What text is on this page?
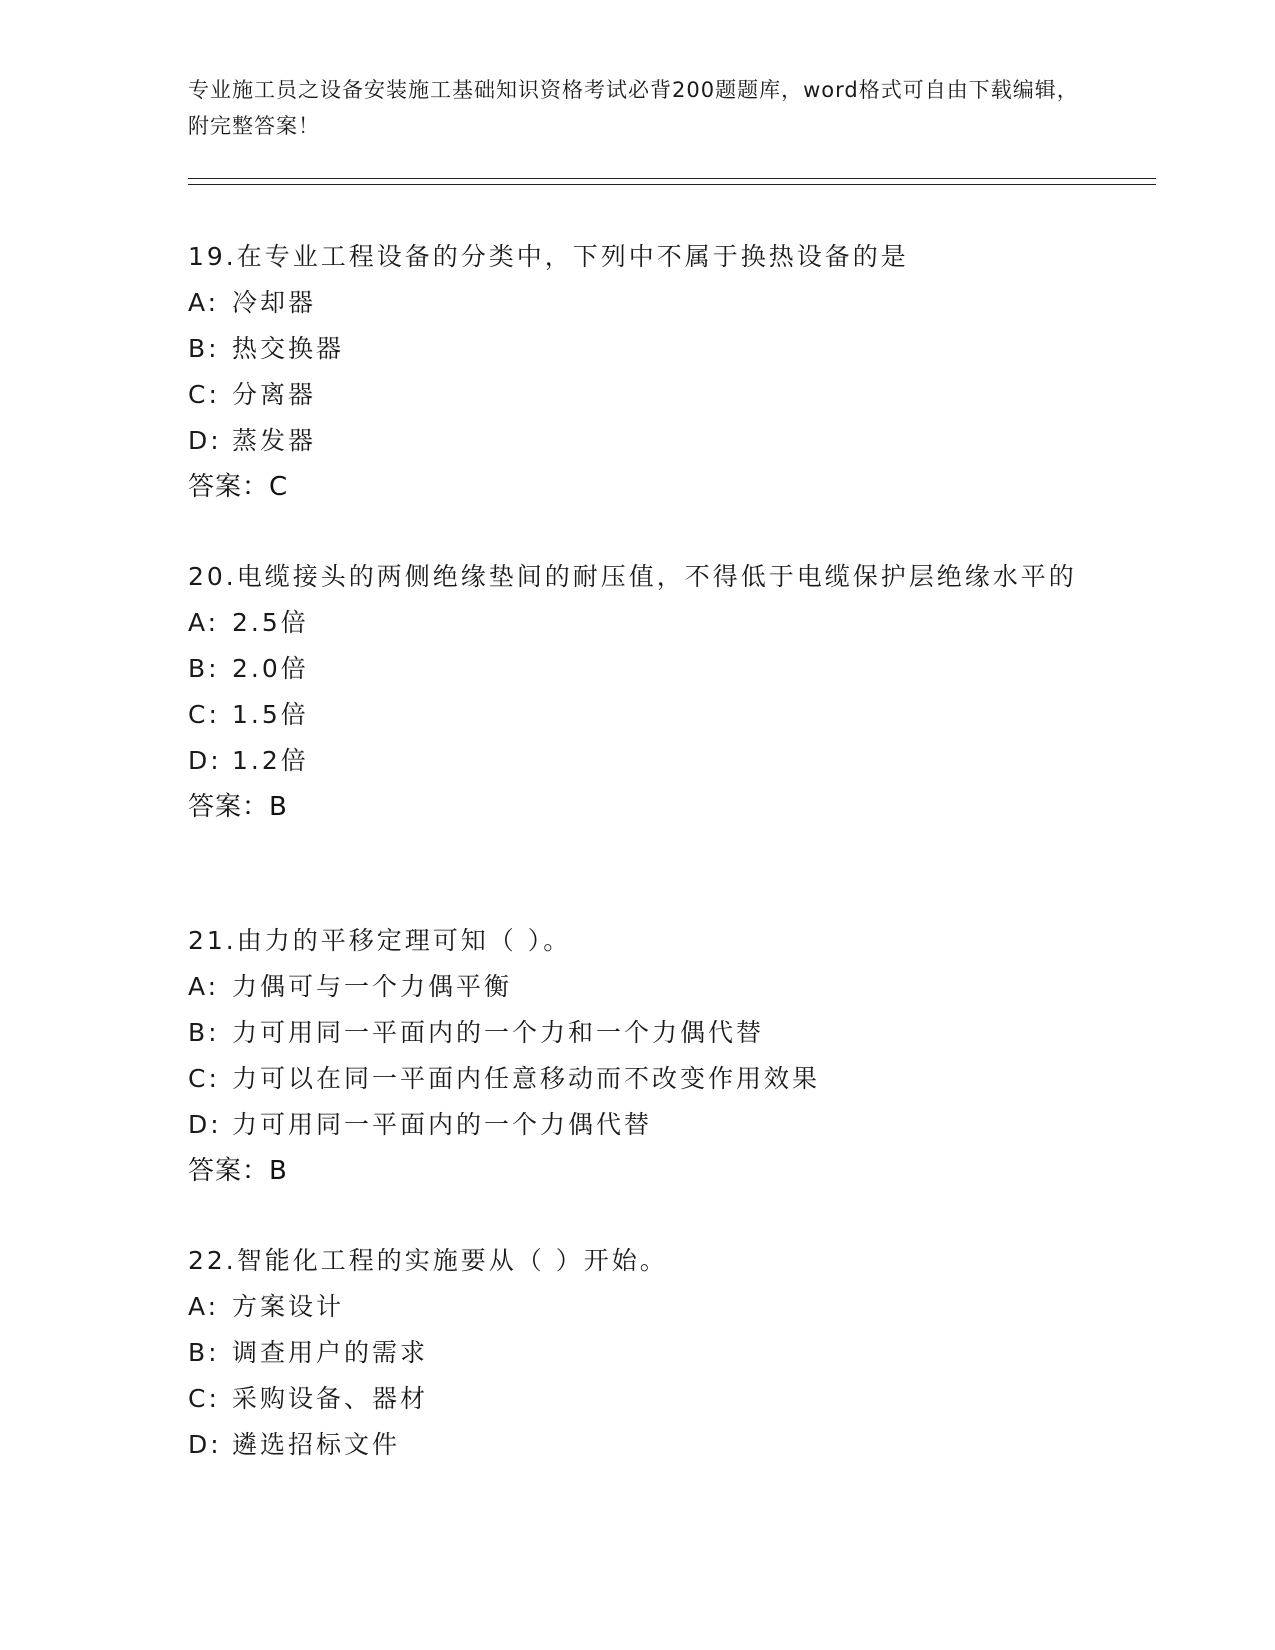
专业施工员之设备安装施工基础知识资格考试必背200题题库，word格式可自由下载编辑，附完整答案！

19.在专业工程设备的分类中，下列中不属于换热设备的是

A: 冷却器

B: 热交换器

C: 分离器

D: 蒸发器

答案：C

20.电缆接头的两侧绝缘垫间的耐压值，不得低于电缆保护层绝缘水平的

A: 2.5倍

B: 2.0倍

C: 1.5倍

D: 1.2倍

答案：B

21.由力的平移定理可知（ ）。

A: 力偶可与一个力偶平衡

B: 力可用同一平面内的一个力和一个力偶代替

C: 力可以在同一平面内任意移动而不改变作用效果

D: 力可用同一平面内的一个力偶代替

答案：B

22.智能化工程的实施要从（ ）开始。

A: 方案设计

B: 调查用户的需求

C: 采购设备、器材

D: 遴选招标文件
